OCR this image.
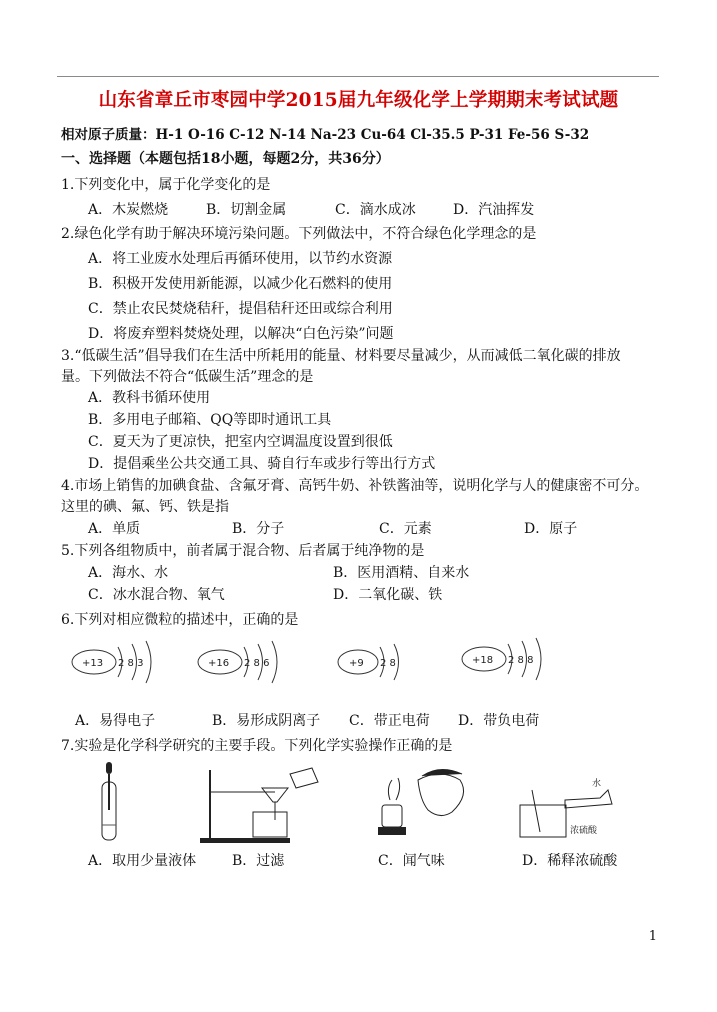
山东省章丘市枣园中学2015届九年级化学上学期期末考试试题
相对原子质量：H-1 O-16 C-12 N-14 Na-23 Cu-64 Cl-35.5 P-31 Fe-56 S-32
一、选择题（本题包括18小题，每题2分，共36分）
1.下列变化中，属于化学变化的是
A．木炭燃烧	B．切割金属	C．滴水成冰	D．汽油挥发
2.绿色化学有助于解决环境污染问题。下列做法中，不符合绿色化学理念的是
A．将工业废水处理后再循环使用，以节约水资源
B．积极开发使用新能源，以减少化石燃料的使用
C．禁止农民焚烧秸秆，提倡秸秆还田或综合利用
D．将废弃塑料焚烧处理，以解决“白色污染”问题
3.“低碳生活”倡导我们在生活中所耗用的能量、材料要尽量减少，从而减低二氧化碳的排放
量。下列做法不符合“低碳生活”理念的是
A．教科书循环使用
B．多用电子邮箱、QQ等即时通讯工具
C．夏天为了更凉快，把室内空调温度设置到很低
D．提倡乘坐公共交通工具、骑自行车或步行等出行方式
4.市场上销售的加碘食盐、含氟牙膏、高钙牛奶、补铁酱油等，说明化学与人的健康密不可分。
这里的碘、氟、钙、铁是指
A．单质	B．分子	C．元素	D．原子
5.下列各组物质中，前者属于混合物、后者属于纯净物的是
A．海水、水	B．医用酒精、自来水
C．冰水混合物、氧气	D．二氧化碳、铁
6.下列对相应微粒的描述中，正确的是
+13 2 8 3	+16 2 8 6	+9 2 8	+18 2 8 8
A．易得电子	B．易形成阴离子 C．带正电荷 D．带负电荷
7.实验是化学科学研究的主要手段。下列化学实验操作正确的是
水
浓硫酸
A．取用少量液体	B．过滤	C．闻气味	D．稀释浓硫酸
1
